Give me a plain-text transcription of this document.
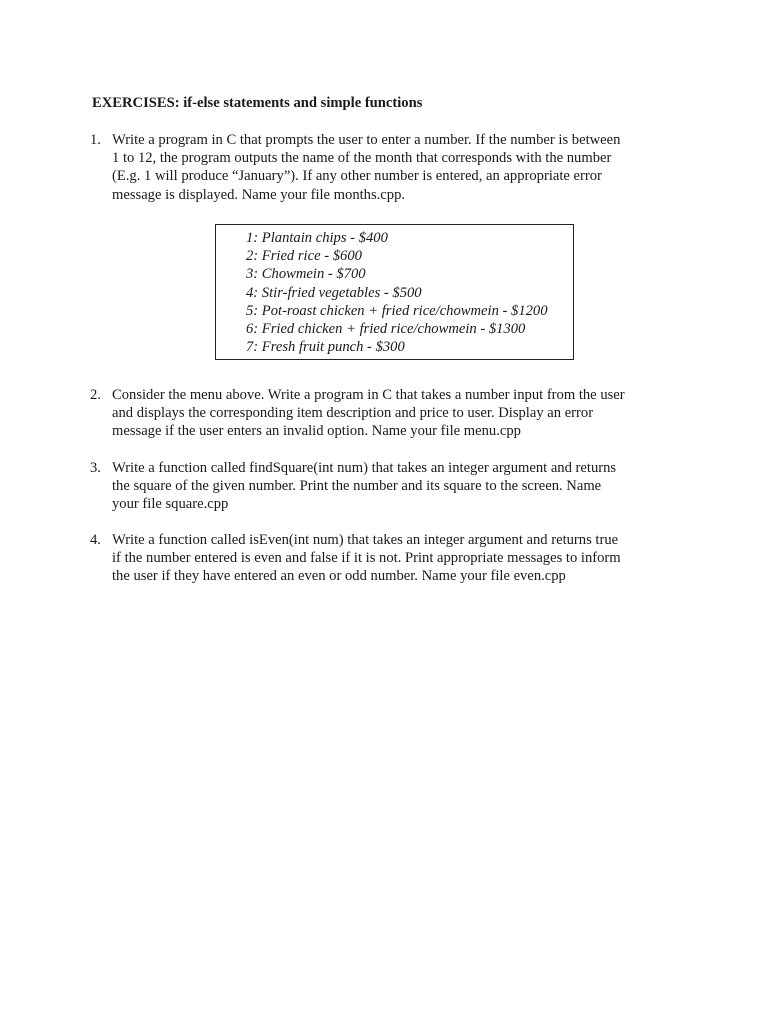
EXERCISES: if-else statements and simple functions
1. Write a program in C that prompts the user to enter a number. If the number is between
1 to 12, the program outputs the name of the month that corresponds with the number
(E.g. 1 will produce “January”). If any other number is entered, an appropriate error
message is displayed. Name your file months.cpp.
1: Plantain chips - $400
2: Fried rice - $600
3: Chowmein - $700
4: Stir-fried vegetables - $500
5: Pot-roast chicken + fried rice/chowmein - $1200
6: Fried chicken + fried rice/chowmein - $1300
7: Fresh fruit punch - $300
2. Consider the menu above. Write a program in C that takes a number input from the user
and displays the corresponding item description and price to user. Display an error
message if the user enters an invalid option. Name your file menu.cpp
3. Write a function called findSquare(int num) that takes an integer argument and returns
the square of the given number. Print the number and its square to the screen. Name
your file square.cpp
4. Write a function called isEven(int num) that takes an integer argument and returns true
if the number entered is even and false if it is not. Print appropriate messages to inform
the user if they have entered an even or odd number. Name your file even.cpp
